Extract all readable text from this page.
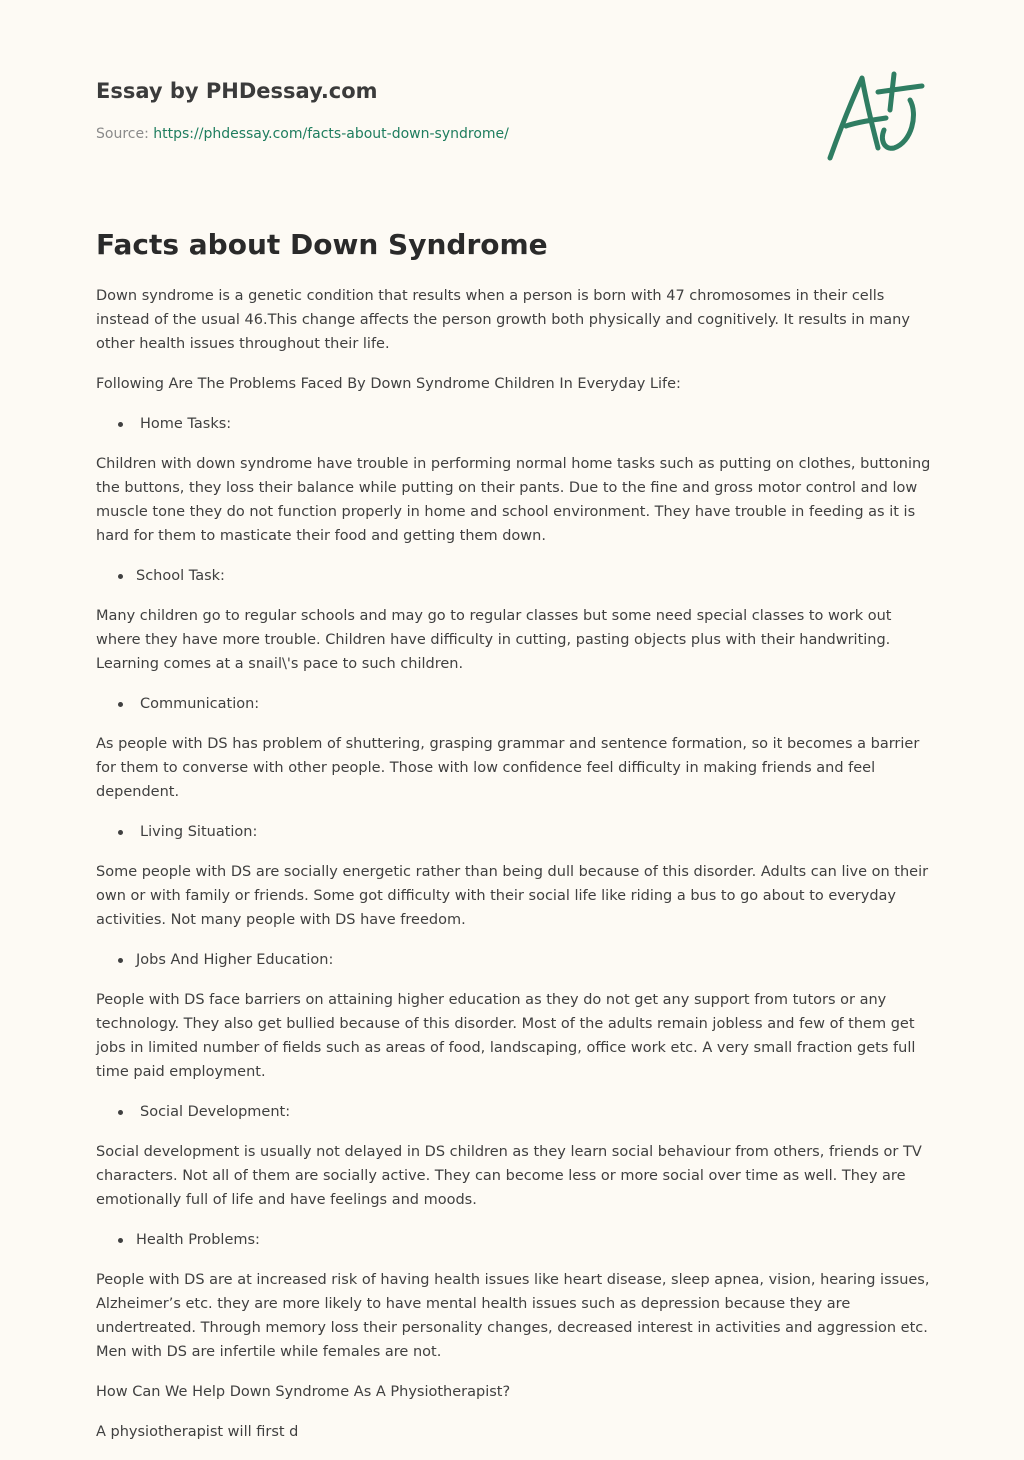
Essay by PHDessay.com

Source: https://phdessay.com/facts-about-down-syndrome/

Facts about Down Syndrome

Down syndrome is a genetic condition that results when a person is born with 47 chromosomes in their cells instead of the usual 46.This change affects the person growth both physically and cognitively. It results in many other health issues throughout their life.

Following Are The Problems Faced By Down Syndrome Children In Everyday Life:

Home Tasks:

Children with down syndrome have trouble in performing normal home tasks such as putting on clothes, buttoning the buttons, they loss their balance while putting on their pants. Due to the fine and gross motor control and low muscle tone they do not function properly in home and school environment. They have trouble in feeding as it is hard for them to masticate their food and getting them down.

School Task:

Many children go to regular schools and may go to regular classes but some need special classes to work out where they have more trouble. Children have difficulty in cutting, pasting objects plus with their handwriting. Learning comes at a snail\'s pace to such children.

Communication:

As people with DS has problem of shuttering, grasping grammar and sentence formation, so it becomes a barrier for them to converse with other people. Those with low confidence feel difficulty in making friends and feel dependent.

Living Situation:

Some people with DS are socially energetic rather than being dull because of this disorder. Adults can live on their own or with family or friends. Some got difficulty with their social life like riding a bus to go about to everyday activities. Not many people with DS have freedom.

Jobs And Higher Education:

People with DS face barriers on attaining higher education as they do not get any support from tutors or any technology. They also get bullied because of this disorder. Most of the adults remain jobless and few of them get jobs in limited number of fields such as areas of food, landscaping, office work etc. A very small fraction gets full time paid employment.

Social Development:

Social development is usually not delayed in DS children as they learn social behaviour from others, friends or TV characters. Not all of them are socially active. They can become less or more social over time as well. They are emotionally full of life and have feelings and moods.

Health Problems:

People with DS are at increased risk of having health issues like heart disease, sleep apnea, vision, hearing issues, Alzheimer’s etc. they are more likely to have mental health issues such as depression because they are undertreated. Through memory loss their personality changes, decreased interest in activities and aggression etc. Men with DS are infertile while females are not.

How Can We Help Down Syndrome As A Physiotherapist?

A physiotherapist will first d
